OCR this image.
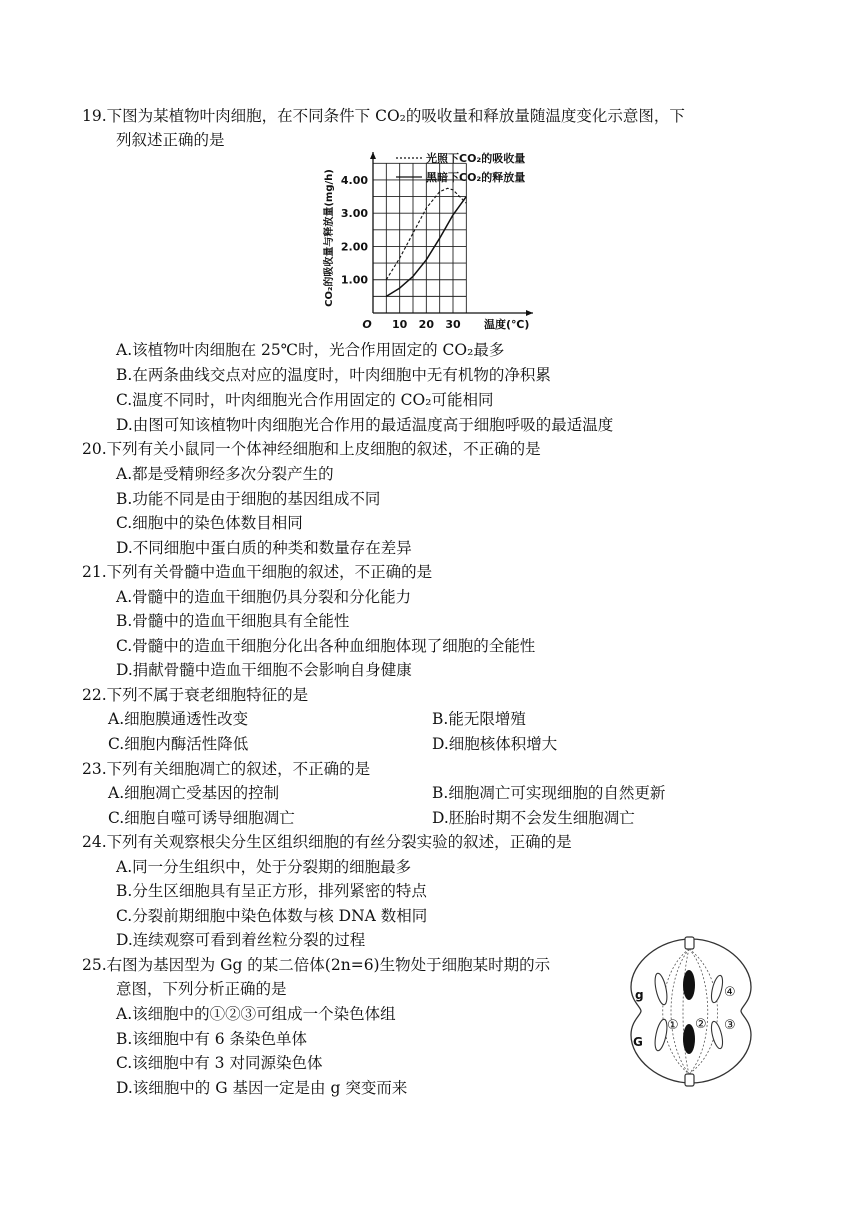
19.下图为某植物叶肉细胞，在不同条件下 CO₂的吸收量和释放量随温度变化示意图，下
列叙述正确的是
10 20 30
1.00
2.00
3.00
4.00
O	温度(℃)
CO₂的吸收量与释放量(mg/h)
光照下CO₂的吸收量
黑暗下CO₂的释放量
A.该植物叶肉细胞在 25℃时，光合作用固定的 CO₂最多
B.在两条曲线交点对应的温度时，叶肉细胞中无有机物的净积累
C.温度不同时，叶肉细胞光合作用固定的 CO₂可能相同
D.由图可知该植物叶肉细胞光合作用的最适温度高于细胞呼吸的最适温度
20.下列有关小鼠同一个体神经细胞和上皮细胞的叙述，不正确的是
A.都是受精卵经多次分裂产生的
B.功能不同是由于细胞的基因组成不同
C.细胞中的染色体数目相同
D.不同细胞中蛋白质的种类和数量存在差异
21.下列有关骨髓中造血干细胞的叙述，不正确的是
A.骨髓中的造血干细胞仍具分裂和分化能力
B.骨髓中的造血干细胞具有全能性
C.骨髓中的造血干细胞分化出各种血细胞体现了细胞的全能性
D.捐献骨髓中造血干细胞不会影响自身健康
22.下列不属于衰老细胞特征的是
A.细胞膜通透性改变	B.能无限增殖
C.细胞内酶活性降低	D.细胞核体积增大
23.下列有关细胞凋亡的叙述，不正确的是
A.细胞凋亡受基因的控制	B.细胞凋亡可实现细胞的自然更新
C.细胞自噬可诱导细胞凋亡	D.胚胎时期不会发生细胞凋亡
24.下列有关观察根尖分生区组织细胞的有丝分裂实验的叙述，正确的是
A.同一分生组织中，处于分裂期的细胞最多
B.分生区细胞具有呈正方形，排列紧密的特点
C.分裂前期细胞中染色体数与核 DNA 数相同
D.连续观察可看到着丝粒分裂的过程
25.右图为基因型为 Gg 的某二倍体(2n=6)生物处于细胞某时期的示
意图，下列分析正确的是
A.该细胞中的①②③可组成一个染色体组
B.该细胞中有 6 条染色单体
C.该细胞中有 3 对同源染色体
D.该细胞中的 G 基因一定是由 g 突变而来
g
G
① ② ③
④
